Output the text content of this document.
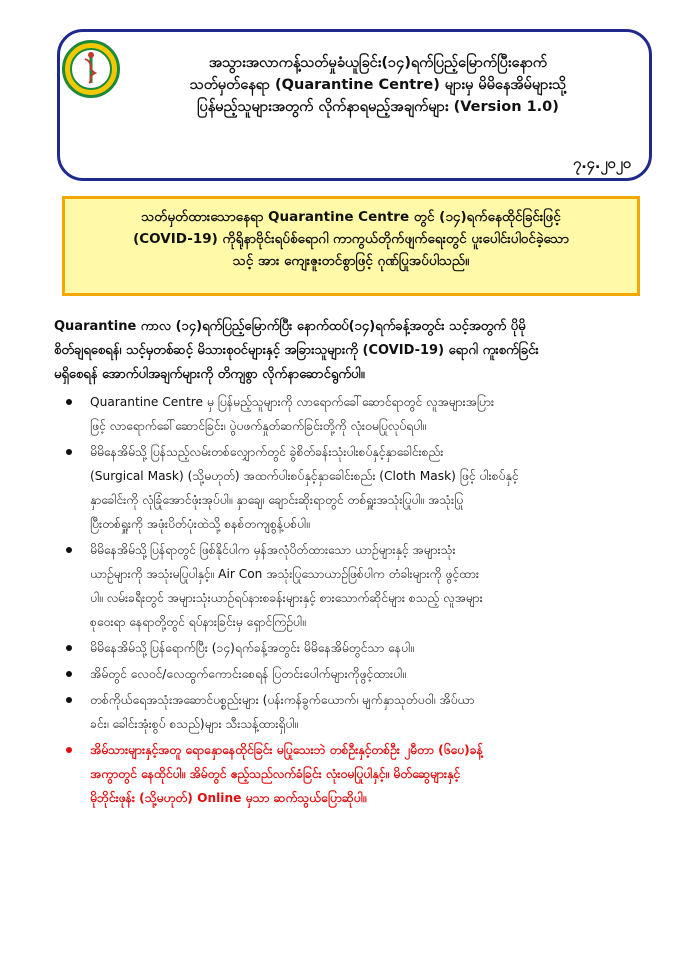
အသွားအလာကန့်သတ်မှုခံယူခြင်း(၁၄)ရက်ပြည့်မြောက်ပြီးနောက်
သတ်မှတ်နေရာ (Quarantine Centre) များမှ မိမိနေအိမ်များသို့
ပြန်မည့်သူများအတွက် လိုက်နာရမည့်အချက်များ (Version 1.0)
၇.၄.၂၀၂၀
သတ်မှတ်ထားသောနေရာ Quarantine Centre တွင် (၁၄)ရက်နေထိုင်ခြင်းဖြင့်
(COVID-19) ကိုရိုနာဗိုင်းရပ်စ်ရောဂါ ကာကွယ်တိုက်ဖျက်ရေးတွင် ပူးပေါင်းပါဝင်ခဲ့သော
သင့် အား ကျေးဇူးတင်စွာဖြင့် ဂုဏ်ပြုအပ်ပါသည်။
Quarantine ကာလ (၁၄)ရက်ပြည့်မြောက်ပြီး နောက်ထပ်(၁၄)ရက်ခန့်အတွင်း သင့်အတွက် ပိုမို
စိတ်ချရစေရန်၊ သင့်မှတစ်ဆင့် မိသားစုဝင်များနှင့် အခြားသူများကို (COVID-19) ရောဂါ ကူးစက်ခြင်း
မရှိစေရန် အောက်ပါအချက်များကို တိကျစွာ လိုက်နာဆောင်ရွက်ပါ။
Quarantine Centre မှ ပြန်မည့်သူများကို လာရောက်ခေါ်ဆောင်ရာတွင် လူအများအပြား
ဖြင့် လာရောက်ခေါ်ဆောင်ခြင်း၊ ပွဲပဖက်နှုတ်ဆက်ခြင်းတို့ကို လုံးဝမပြုလုပ်ရပါ။
မိမိနေအိမ်သို့ ပြန်သည့်လမ်းတစ်လျှောက်တွင် ခွဲစိတ်ခန်းသုံးပါးစပ်နှင့်နှာခေါင်းစည်း
(Surgical Mask) (သို့မဟုတ်) အထက်ပါးစပ်နှင့်နှာခေါင်းစည်း (Cloth Mask) ဖြင့် ပါးစပ်နှင့်
နှာခေါင်းကို လုံခြုံအောင်ဖုံးအုပ်ပါ။ နှာချေ၊ ချောင်းဆိုးရာတွင် တစ်ရှူးအသုံးပြုပါ။ အသုံးပြု
ပြီးတစ်ရှူးကို အဖုံးပိတ်ပုံးထဲသို့ စနစ်တကျစွန့်ပစ်ပါ။
မိမိနေအိမ်သို့ပြန်ရာတွင် ဖြစ်နိုင်ပါက မှန်အလုံပိတ်ထားသော ယာဉ်များနှင့် အများသုံး
ယာဉ်များကို အသုံးမပြုပါနှင့်။ Air Con အသုံးပြုသောယာဉ်ဖြစ်ပါက တံခါးများကို ဖွင့်ထား
ပါ။ လမ်းခရီးတွင် အများသုံးယာဉ်ရပ်နားစခန်းများနှင့် စားသောက်ဆိုင်များ စသည့် လူအများ
စုဝေးရာ နေရာတို့တွင် ရပ်နားခြင်းမှ ရှောင်ကြဉ်ပါ။
မိမိနေအိမ်သို့ပြန်ရောက်ပြီး (၁၄)ရက်ခန့်အတွင်း မိမိနေအိမ်တွင်သာ နေပါ။
အိမ်တွင် လေဝင်/လေထွက်ကောင်းစေရန် ပြတင်းပေါက်များကိုဖွင့်ထားပါ။
တစ်ကိုယ်ရေအသုံးအဆောင်ပစ္စည်းများ (ပန်းကန်ခွက်ယောက်၊ မျက်နှာသုတ်ပဝါ၊ အိပ်ယာ
ခင်း၊ ခေါင်းအုံးစွပ် စသည်)များ သီးသန့်ထားရှိပါ။
အိမ်သားများနှင့်အတူ ရောနှောနေထိုင်ခြင်း မပြုသေးဘဲ တစ်ဦးနှင့်တစ်ဦး ၂မီတာ (၆ပေ)ခန့်
အကွာတွင် နေထိုင်ပါ။ အိမ်တွင် ဧည့်သည်လက်ခံခြင်း လုံးဝမပြုပါနှင့်။ မိတ်ဆွေများနှင့်
မိုဘိုင်းဖုန်း (သို့မဟုတ်) Online မှသာ ဆက်သွယ်ပြောဆိုပါ။
